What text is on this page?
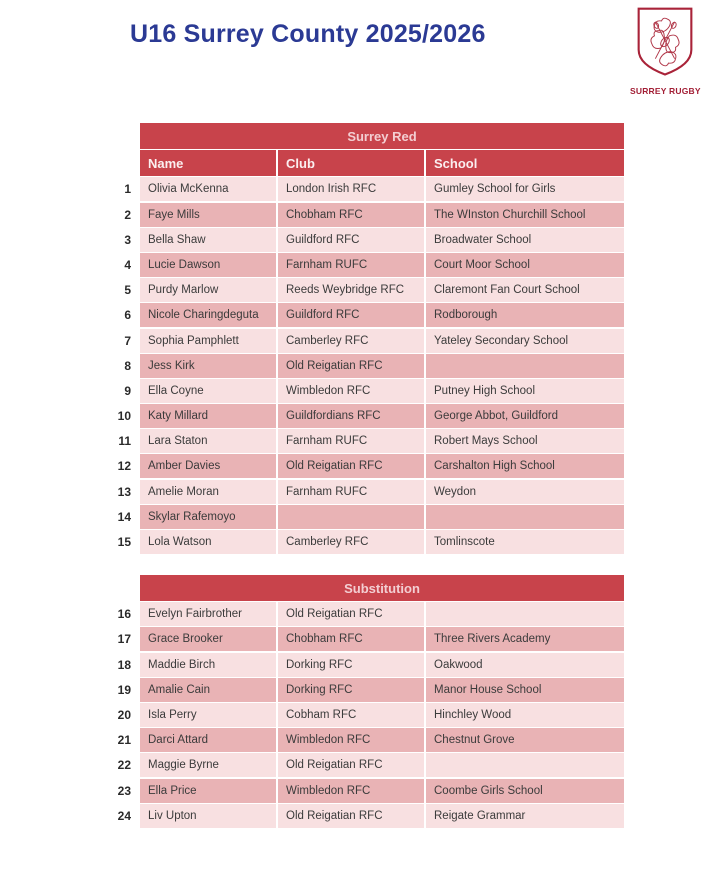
U16 Surrey County 2025/2026
SURREY RUGBY
Surrey Red
Name	Club	School
1	Olivia McKenna	London Irish RFC	Gumley School for Girls
2	Faye Mills	Chobham RFC	The WInston Churchill School
3	Bella Shaw	Guildford RFC	Broadwater School
4	Lucie Dawson	Farnham RUFC	Court Moor School
5	Purdy Marlow	Reeds Weybridge RFC	Claremont Fan Court School
6	Nicole Charingdeguta	Guildford RFC	Rodborough
7	Sophia Pamphlett	Camberley RFC	Yateley Secondary School
8	Jess Kirk	Old Reigatian RFC
9	Ella Coyne	Wimbledon RFC	Putney High School
10	Katy Millard	Guildfordians RFC	George Abbot, Guildford
11	Lara Staton	Farnham RUFC	Robert Mays School
12	Amber Davies	Old Reigatian RFC	Carshalton High School
13	Amelie Moran	Farnham RUFC	Weydon
14	Skylar Rafemoyo
15	Lola Watson	Camberley RFC	Tomlinscote
Substitution
16	Evelyn Fairbrother	Old Reigatian RFC
17	Grace Brooker	Chobham RFC	Three Rivers Academy
18	Maddie Birch	Dorking RFC	Oakwood
19	Amalie Cain	Dorking RFC	Manor House School
20	Isla Perry	Cobham RFC	Hinchley Wood
21	Darci Attard	Wimbledon RFC	Chestnut Grove
22	Maggie Byrne	Old Reigatian RFC
23	Ella Price	Wimbledon RFC	Coombe Girls School
24	Liv Upton	Old Reigatian RFC	Reigate Grammar
